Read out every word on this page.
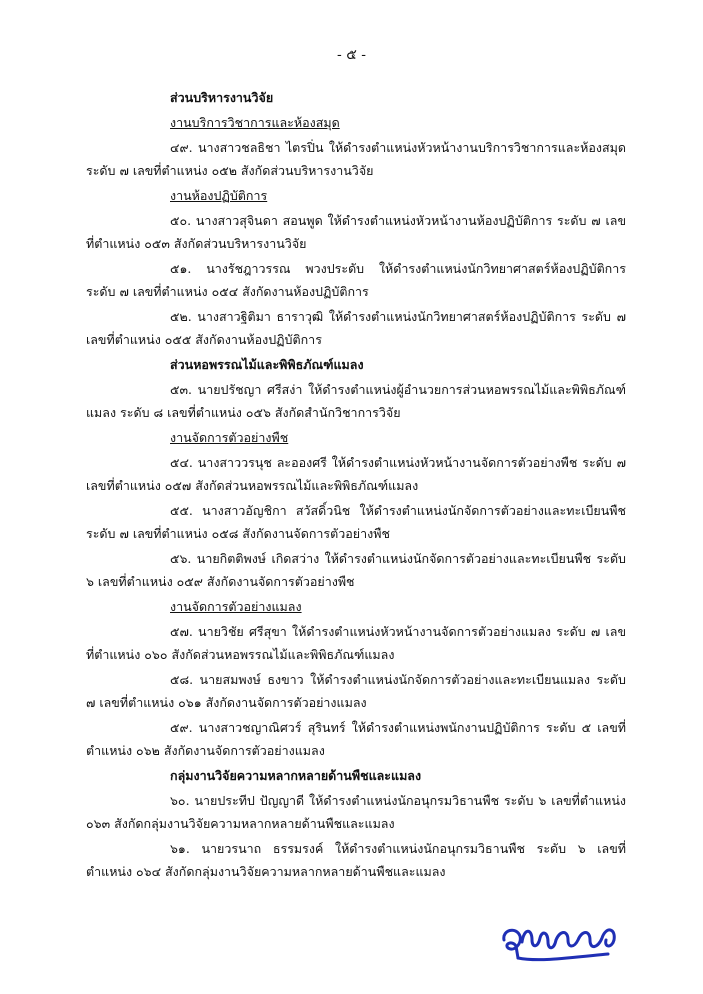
- ๕ -

ส่วนบริหารงานวิจัย

งานบริการวิชาการและห้องสมุด

๔๙. นางสาวชลธิชา ไตรปิ่น ให้ดำรงตำแหน่งหัวหน้างานบริการวิชาการและห้องสมุด ระดับ ๗ เลขที่ตำแหน่ง ๐๕๒ สังกัดส่วนบริหารงานวิจัย

งานห้องปฏิบัติการ

๕๐. นางสาวสุจินดา สอนพูด ให้ดำรงตำแหน่งหัวหน้างานห้องปฏิบัติการ ระดับ ๗ เลขที่ตำแหน่ง ๐๕๓ สังกัดส่วนบริหารงานวิจัย

๕๑. นางรัชฎาวรรณ พวงประดับ ให้ดำรงตำแหน่งนักวิทยาศาสตร์ห้องปฏิบัติการ ระดับ ๗ เลขที่ตำแหน่ง ๐๕๔ สังกัดงานห้องปฏิบัติการ

๕๒. นางสาวฐิติมา ธาราวุฒิ ให้ดำรงตำแหน่งนักวิทยาศาสตร์ห้องปฏิบัติการ ระดับ ๗ เลขที่ตำแหน่ง ๐๕๕ สังกัดงานห้องปฏิบัติการ

ส่วนหอพรรณไม้และพิพิธภัณฑ์แมลง

๕๓. นายปรัชญา ศรีสง่า ให้ดำรงตำแหน่งผู้อำนวยการส่วนหอพรรณไม้และพิพิธภัณฑ์แมลง ระดับ ๘ เลขที่ตำแหน่ง ๐๕๖ สังกัดสำนักวิชาการวิจัย

งานจัดการตัวอย่างพืช

๕๔. นางสาววรนุช ละอองศรี ให้ดำรงตำแหน่งหัวหน้างานจัดการตัวอย่างพืช ระดับ ๗ เลขที่ตำแหน่ง ๐๕๗ สังกัดส่วนหอพรรณไม้และพิพิธภัณฑ์แมลง

๕๕. นางสาวอัญชิกา สวัสดิ์วนิช ให้ดำรงตำแหน่งนักจัดการตัวอย่างและทะเบียนพืช ระดับ ๗ เลขที่ตำแหน่ง ๐๕๘ สังกัดงานจัดการตัวอย่างพืช

๕๖. นายกิตติพงษ์ เกิดสว่าง ให้ดำรงตำแหน่งนักจัดการตัวอย่างและทะเบียนพืช ระดับ ๖ เลขที่ตำแหน่ง ๐๕๙ สังกัดงานจัดการตัวอย่างพืช

งานจัดการตัวอย่างแมลง

๕๗. นายวิชัย ศรีสุขา ให้ดำรงตำแหน่งหัวหน้างานจัดการตัวอย่างแมลง ระดับ ๗ เลขที่ตำแหน่ง ๐๖๐ สังกัดส่วนหอพรรณไม้และพิพิธภัณฑ์แมลง

๕๘. นายสมพงษ์ ธงขาว ให้ดำรงตำแหน่งนักจัดการตัวอย่างและทะเบียนแมลง ระดับ ๗ เลขที่ตำแหน่ง ๐๖๑ สังกัดงานจัดการตัวอย่างแมลง

๕๙. นางสาวชญาณิศวร์ สุรินทร์ ให้ดำรงตำแหน่งพนักงานปฏิบัติการ ระดับ ๕ เลขที่ตำแหน่ง ๐๖๒ สังกัดงานจัดการตัวอย่างแมลง

กลุ่มงานวิจัยความหลากหลายด้านพืชและแมลง

๖๐. นายประทีป ปัญญาดี ให้ดำรงตำแหน่งนักอนุกรมวิธานพืช ระดับ ๖ เลขที่ตำแหน่ง ๐๖๓ สังกัดกลุ่มงานวิจัยความหลากหลายด้านพืชและแมลง

๖๑. นายวรนาถ ธรรมรงค์ ให้ดำรงตำแหน่งนักอนุกรมวิธานพืช ระดับ ๖ เลขที่ตำแหน่ง ๐๖๔ สังกัดกลุ่มงานวิจัยความหลากหลายด้านพืชและแมลง
